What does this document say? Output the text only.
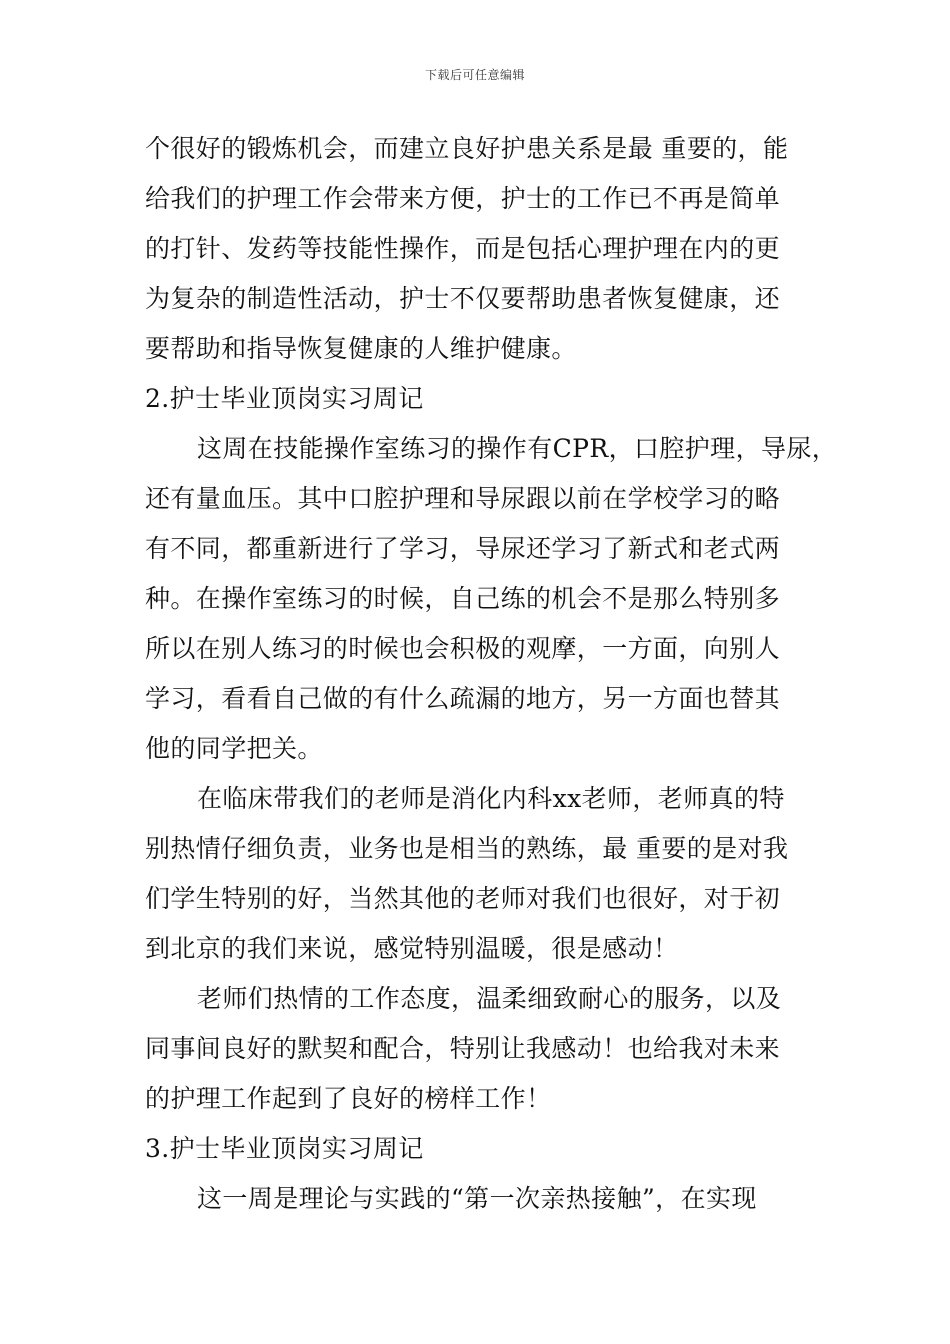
下载后可任意编辑
个很好的锻炼机会，而建立良好护患关系是最 重要的，能
给我们的护理工作会带来方便，护士的工作已不再是简单
的打针、发药等技能性操作，而是包括心理护理在内的更
为复杂的制造性活动，护士不仅要帮助患者恢复健康，还
要帮助和指导恢复健康的人维护健康。
2.护士毕业顶岗实习周记
这周在技能操作室练习的操作有CPR，口腔护理，导尿，
还有量血压。其中口腔护理和导尿跟以前在学校学习的略
有不同，都重新进行了学习，导尿还学习了新式和老式两
种。在操作室练习的时候，自己练的机会不是那么特别多
所以在别人练习的时候也会积极的观摩，一方面，向别人
学习，看看自己做的有什么疏漏的地方，另一方面也替其
他的同学把关。
在临床带我们的老师是消化内科xx老师，老师真的特
别热情仔细负责，业务也是相当的熟练，最 重要的是对我
们学生特别的好，当然其他的老师对我们也很好，对于初
到北京的我们来说，感觉特别温暖，很是感动！
老师们热情的工作态度，温柔细致耐心的服务，以及
同事间良好的默契和配合，特别让我感动！也给我对未来
的护理工作起到了良好的榜样工作！
3.护士毕业顶岗实习周记
这一周是理论与实践的“第一次亲热接触”，在实现
